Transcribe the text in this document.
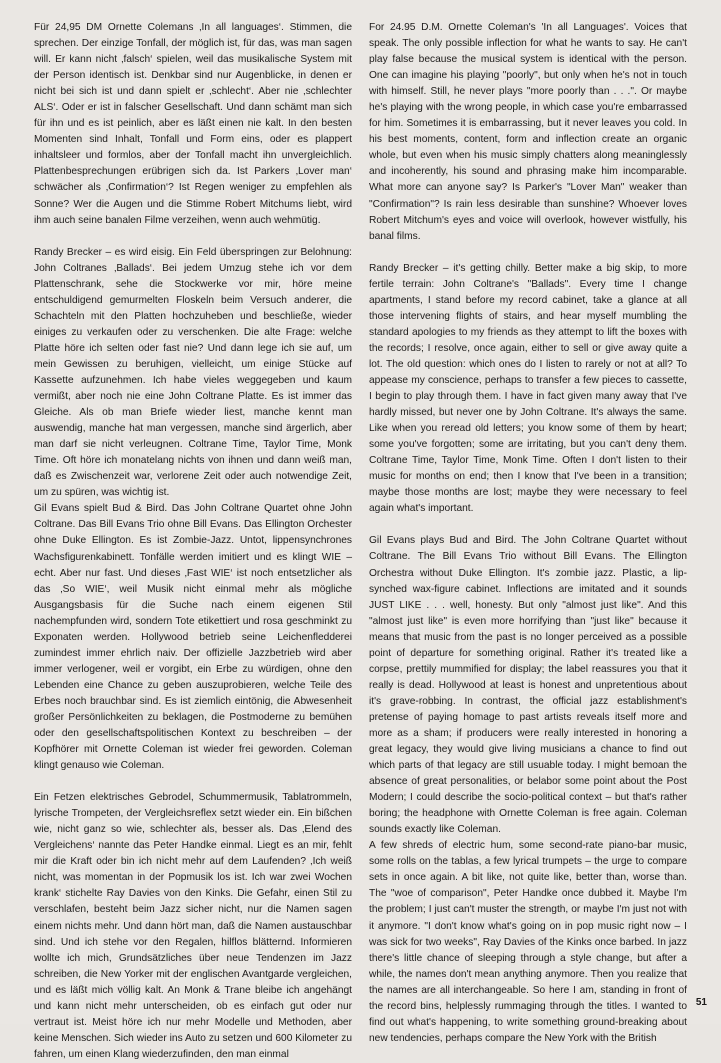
Für 24,95 DM Ornette Colemans ‚In all languages‘. Stimmen, die sprechen. Der einzige Tonfall, der möglich ist, für das, was man sagen will. Er kann nicht ‚falsch‘ spielen, weil das musikalische System mit der Person identisch ist. Denkbar sind nur Augenblicke, in denen er nicht bei sich ist und dann spielt er ‚schlecht‘. Aber nie ‚schlechter ALS‘. Oder er ist in falscher Gesellschaft. Und dann schämt man sich für ihn und es ist peinlich, aber es läßt einen nie kalt. In den besten Momenten sind Inhalt, Tonfall und Form eins, oder es plappert inhaltsleer und formlos, aber der Tonfall macht ihn unvergleichlich. Plattenbesprechungen erübrigen sich da. Ist Parkers ‚Lover man‘ schwächer als ‚Confirmation‘? Ist Regen weniger zu empfehlen als Sonne? Wer die Augen und die Stimme Robert Mitchums liebt, wird ihm auch seine banalen Filme verzeihen, wenn auch wehmütig.

Randy Brecker – es wird eisig. Ein Feld überspringen zur Belohnung: John Coltranes ‚Ballads‘. Bei jedem Umzug stehe ich vor dem Plattenschrank, sehe die Stockwerke vor mir, höre meine entschuldigend gemurmelten Floskeln beim Versuch anderer, die Schachteln mit den Platten hochzuheben und beschließe, wieder einiges zu verkaufen oder zu verschenken. Die alte Frage: welche Platte höre ich selten oder fast nie? Und dann lege ich sie auf, um mein Gewissen zu beruhigen, vielleicht, um einige Stücke auf Kassette aufzunehmen. Ich habe vieles weggegeben und kaum vermißt, aber noch nie eine John Coltrane Platte. Es ist immer das Gleiche. Als ob man Briefe wieder liest, manche kennt man auswendig, manche hat man vergessen, manche sind ärgerlich, aber man darf sie nicht verleugnen. Coltrane Time, Taylor Time, Monk Time. Oft höre ich monatelang nichts von ihnen und dann weiß man, daß es Zwischenzeit war, verlorene Zeit oder auch notwendige Zeit, um zu spüren, was wichtig ist.

Gil Evans spielt Bud & Bird. Das John Coltrane Quartet ohne John Coltrane. Das Bill Evans Trio ohne Bill Evans. Das Ellington Orchester ohne Duke Ellington. Es ist Zombie-Jazz. Untot, lippensynchrones Wachsfigurenkabinett. Tonfälle werden imitiert und es klingt WIE – echt. Aber nur fast. Und dieses ‚Fast WIE‘ ist noch entsetzlicher als das ‚So WIE‘, weil Musik nicht einmal mehr als mögliche Ausgangsbasis für die Suche nach einem eigenen Stil nachempfunden wird, sondern Tote etikettiert und rosa geschminkt zu Exponaten werden. Hollywood betrieb seine Leichenfledderei zumindest immer ehrlich naiv. Der offizielle Jazzbetrieb wird aber immer verlogener, weil er vorgibt, ein Erbe zu würdigen, ohne den Lebenden eine Chance zu geben auszuprobieren, welche Teile des Erbes noch brauchbar sind. Es ist ziemlich eintönig, die Abwesenheit großer Persönlichkeiten zu beklagen, die Postmoderne zu bemühen oder den gesellschaftspolitischen Kontext zu beschreiben – der Kopfhörer mit Ornette Coleman ist wieder frei geworden. Coleman klingt genauso wie Coleman.

Ein Fetzen elektrisches Gebrodel, Schummermusik, Tablatrommeln, lyrische Trompeten, der Vergleichsreflex setzt wieder ein. Ein bißchen wie, nicht ganz so wie, schlechter als, besser als. Das ‚Elend des Vergleichens‘ nannte das Peter Handke einmal. Liegt es an mir, fehlt mir die Kraft oder bin ich nicht mehr auf dem Laufenden? ‚Ich weiß nicht, was momentan in der Popmusik los ist. Ich war zwei Wochen krank‘ stichelte Ray Davies von den Kinks. Die Gefahr, einen Stil zu verschlafen, besteht beim Jazz sicher nicht, nur die Namen sagen einem nichts mehr. Und dann hört man, daß die Namen austauschbar sind. Und ich stehe vor den Regalen, hilflos blätternd. Informieren wollte ich mich, Grundsätzliches über neue Tendenzen im Jazz schreiben, die New Yorker mit der englischen Avantgarde vergleichen, und es läßt mich völlig kalt. An Monk & Trane bleibe ich angehängt und kann nicht mehr unterscheiden, ob es einfach gut oder nur vertraut ist. Meist höre ich nur mehr Modelle und Methoden, aber keine Menschen. Sich wieder ins Auto zu setzen und 600 Kilometer zu fahren, um einen Klang wiederzufinden, den man einmal

For 24.95 D.M. Ornette Coleman's 'In all Languages'. Voices that speak. The only possible inflection for what he wants to say. He can't play false because the musical system is identical with the person. One can imagine his playing "poorly", but only when he's not in touch with himself. Still, he never plays "more poorly than . . .". Or maybe he's playing with the wrong people, in which case you're embarrassed for him. Sometimes it is embarrassing, but it never leaves you cold. In his best moments, content, form and inflection create an organic whole, but even when his music simply chatters along meaninglessly and incoherently, his sound and phrasing make him incomparable. What more can anyone say? Is Parker's "Lover Man" weaker than "Confirmation"? Is rain less desirable than sunshine? Whoever loves Robert Mitchum's eyes and voice will overlook, however wistfully, his banal films.

Randy Brecker – it's getting chilly. Better make a big skip, to more fertile terrain: John Coltrane's "Ballads". Every time I change apartments, I stand before my record cabinet, take a glance at all those intervening flights of stairs, and hear myself mumbling the standard apologies to my friends as they attempt to lift the boxes with the records; I resolve, once again, either to sell or give away quite a lot. The old question: which ones do I listen to rarely or not at all? To appease my conscience, perhaps to transfer a few pieces to cassette, I begin to play through them. I have in fact given many away that I've hardly missed, but never one by John Coltrane. It's always the same. Like when you reread old letters; you know some of them by heart; some you've forgotten; some are irritating, but you can't deny them. Coltrane Time, Taylor Time, Monk Time. Often I don't listen to their music for months on end; then I know that I've been in a transition; maybe those months are lost; maybe they were necessary to feel again what's important.

Gil Evans plays Bud and Bird. The John Coltrane Quartet without Coltrane. The Bill Evans Trio without Bill Evans. The Ellington Orchestra without Duke Ellington. It's zombie jazz. Plastic, a lip-synched wax-figure cabinet. Inflections are imitated and it sounds JUST LIKE . . . well, honesty. But only "almost just like". And this "almost just like" is even more horrifying than "just like" because it means that music from the past is no longer perceived as a possible point of departure for something original. Rather it's treated like a corpse, prettily mummified for display; the label reassures you that it really is dead. Hollywood at least is honest and unpretentious about it's grave-robbing. In contrast, the official jazz establishment's pretense of paying homage to past artists reveals itself more and more as a sham; if producers were really interested in honoring a great legacy, they would give living musicians a chance to find out which parts of that legacy are still usuable today. I might bemoan the absence of great personalities, or belabor some point about the Post Modern; I could describe the socio-political context – but that's rather boring; the headphone with Ornette Coleman is free again. Coleman sounds exactly like Coleman.

A few shreds of electric hum, some second-rate piano-bar music, some rolls on the tablas, a few lyrical trumpets – the urge to compare sets in once again. A bit like, not quite like, better than, worse than. The "woe of comparison", Peter Handke once dubbed it. Maybe I'm the problem; I just can't muster the strength, or maybe I'm just not with it anymore. "I don't know what's going on in pop music right now – I was sick for two weeks", Ray Davies of the Kinks once barbed. In jazz there's little chance of sleeping through a style change, but after a while, the names don't mean anything anymore. Then you realize that the names are all interchangeable. So here I am, standing in front of the record bins, helplessly rummaging through the titles. I wanted to find out what's happening, to write something ground-breaking about new tendencies, perhaps compare the New York with the British

51
